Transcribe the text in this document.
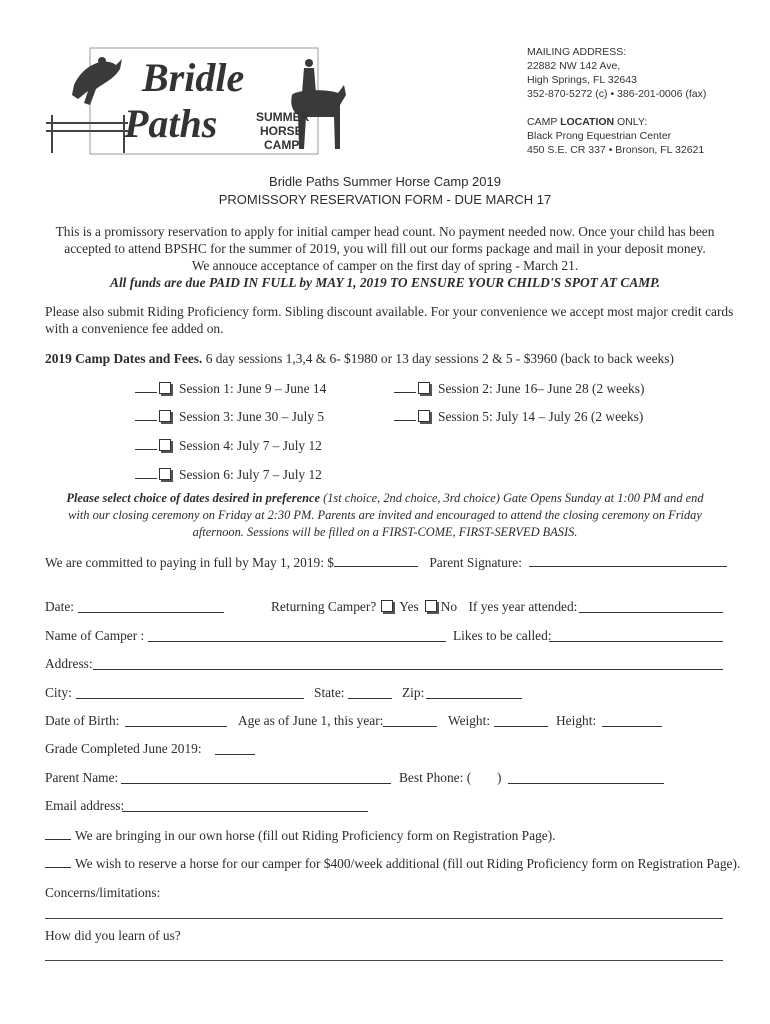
Bridle
Paths	SUMMER
HORSE
CAMP
MAILING ADDRESS:
22882 NW 142 Ave,
High Springs, FL 32643
352-870-5272 (c) • 386-201-0006 (fax)
CAMP LOCATION ONLY:
Black Prong Equestrian Center
450 S.E. CR 337 • Bronson, FL 32621
Bridle Paths Summer Horse Camp 2019
PROMISSORY RESERVATION FORM - DUE MARCH 17
This is a promissory reservation to apply for initial camper head count. No payment needed now. Once your child has been
accepted to attend BPSHC for the summer of 2019, you will fill out our forms package and mail in your deposit money.
We annouce acceptance of camper on the first day of spring - March 21.
All funds are due PAID IN FULL by MAY 1, 2019 TO ENSURE YOUR CHILD'S SPOT AT CAMP.
Please also submit Riding Proficiency form. Sibling discount available. For your convenience we accept most major credit cards
with a convenience fee added on.
2019 Camp Dates and Fees. 6 day sessions 1,3,4 & 6- $1980 or 13 day sessions 2 & 5 - $3960 (back to back weeks)
Session 1: June 9 – June 14	Session 2: June 16– June 28 (2 weeks)
Session 3: June 30 – July 5	Session 5: July 14 – July 26 (2 weeks)
Session 4: July 7 – July 12
Session 6: July 7 – July 12
Please select choice of dates desired in preference (1st choice, 2nd choice, 3rd choice) Gate Opens Sunday at 1:00 PM and end
with our closing ceremony on Friday at 2:30 PM. Parents are invited and encouraged to attend the closing ceremony on Friday
afternoon. Sessions will be filled on a FIRST-COME, FIRST-SERVED BASIS.
We are committed to paying in full by May 1, 2019: $	Parent Signature:
Date:	Returning Camper? Yes No If yes year attended:
Name of Camper :	Likes to be called:
Address:
City:	State:	Zip:
Date of Birth:	Age as of June 1, this year:	Weight:	Height:
Grade Completed June 2019:
Parent Name:	Best Phone: ( )
Email address:
We are bringing in our own horse (fill out Riding Proficiency form on Registration Page).
We wish to reserve a horse for our camper for $400/week additional (fill out Riding Proficiency form on Registration Page).
Concerns/limitations:
How did you learn of us?
